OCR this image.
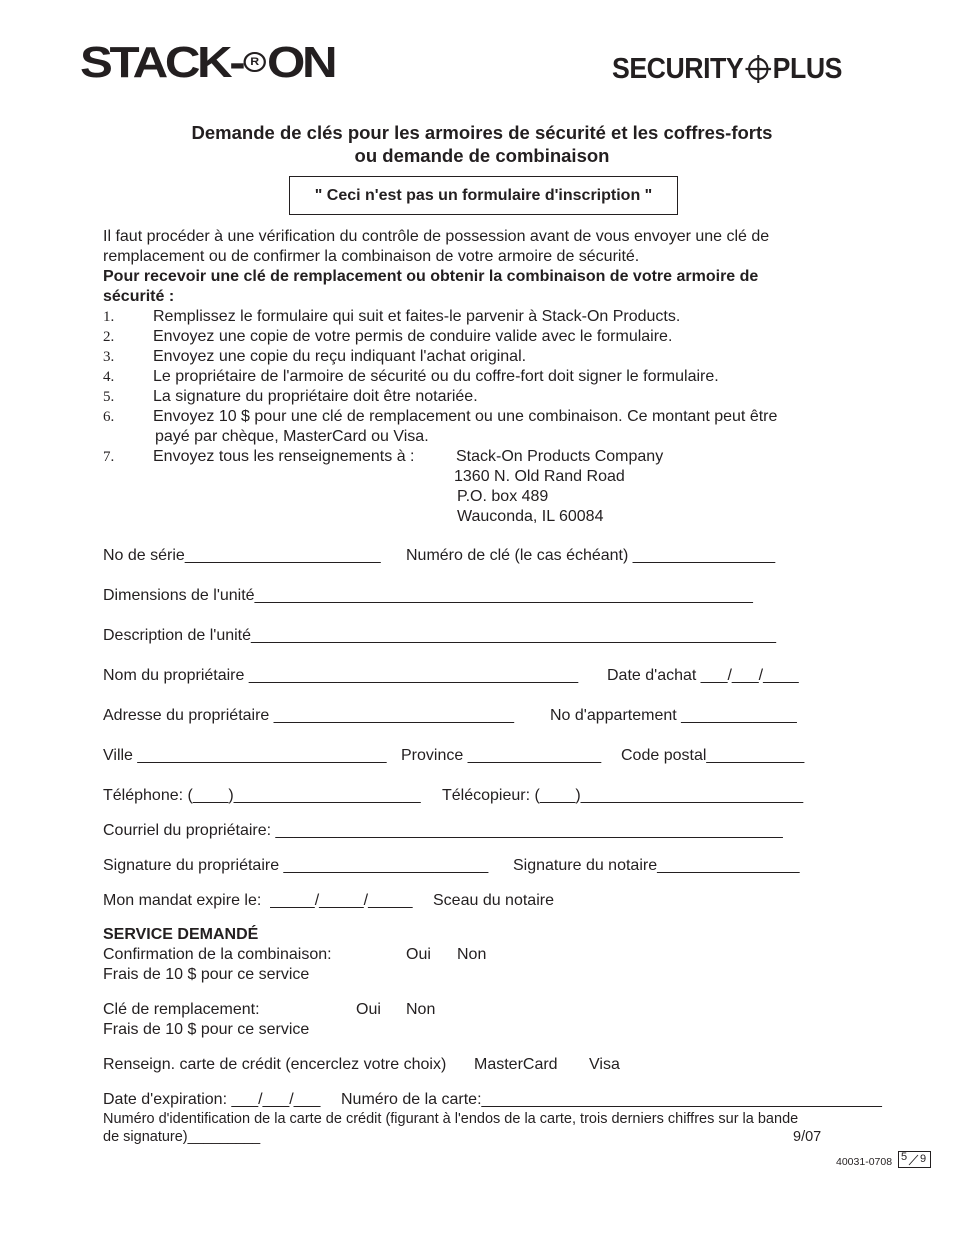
STACK- R ON	SECURITY PLUS
Demande de clés pour les armoires de sécurité et les coffres-forts
ou demande de combinaison
" Ceci n'est pas un formulaire d'inscription "
Il faut procéder à une vérification du contrôle de possession avant de vous envoyer une clé de
remplacement ou de confirmer la combinaison de votre armoire de sécurité.
Pour recevoir une clé de remplacement ou obtenir la combinaison de votre armoire de
sécurité :
1. Remplissez le formulaire qui suit et faites-le parvenir à Stack-On Products.
2. Envoyez une copie de votre permis de conduire valide avec le formulaire.
3. Envoyez une copie du reçu indiquant l'achat original.
4. Le propriétaire de l'armoire de sécurité ou du coffre-fort doit signer le formulaire.
5. La signature du propriétaire doit être notariée.
6. Envoyez 10 $ pour une clé de remplacement ou une combinaison. Ce montant peut être
payé par chèque, MasterCard ou Visa.
7. Envoyez tous les renseignements à :	Stack-On Products Company
1360 N. Old Rand Road
P.O. box 489
Wauconda, IL 60084
No de série______________________ Numéro de clé (le cas échéant) ________________
Dimensions de l'unité________________________________________________________
Description de l'unité___________________________________________________________
Nom du propriétaire _____________________________________ Date d'achat ___/___/____
Adresse du propriétaire ___________________________ No d'appartement _____________
Ville ____________________________ Province _______________ Code postal___________
Téléphone: (____)_____________________ Télécopieur: (____)_________________________
Courriel du propriétaire: _________________________________________________________
Signature du propriétaire _______________________ Signature du notaire________________
Mon mandat expire le:  _____/_____/_____ Sceau du notaire
SERVICE DEMANDÉ
Confirmation de la combinaison:	Oui Non
Frais de 10 $ pour ce service
Clé de remplacement:	Oui Non
Frais de 10 $ pour ce service
Renseign. carte de crédit (encerclez votre choix) MasterCard Visa
Date d'expiration: ___/___/___ Numéro de la carte:_____________________________________________
Numéro d'identification de la carte de crédit (figurant à l'endos de la carte, trois derniers chiffres sur la bande
de signature)_________	9/07
40031-0708

5

9
